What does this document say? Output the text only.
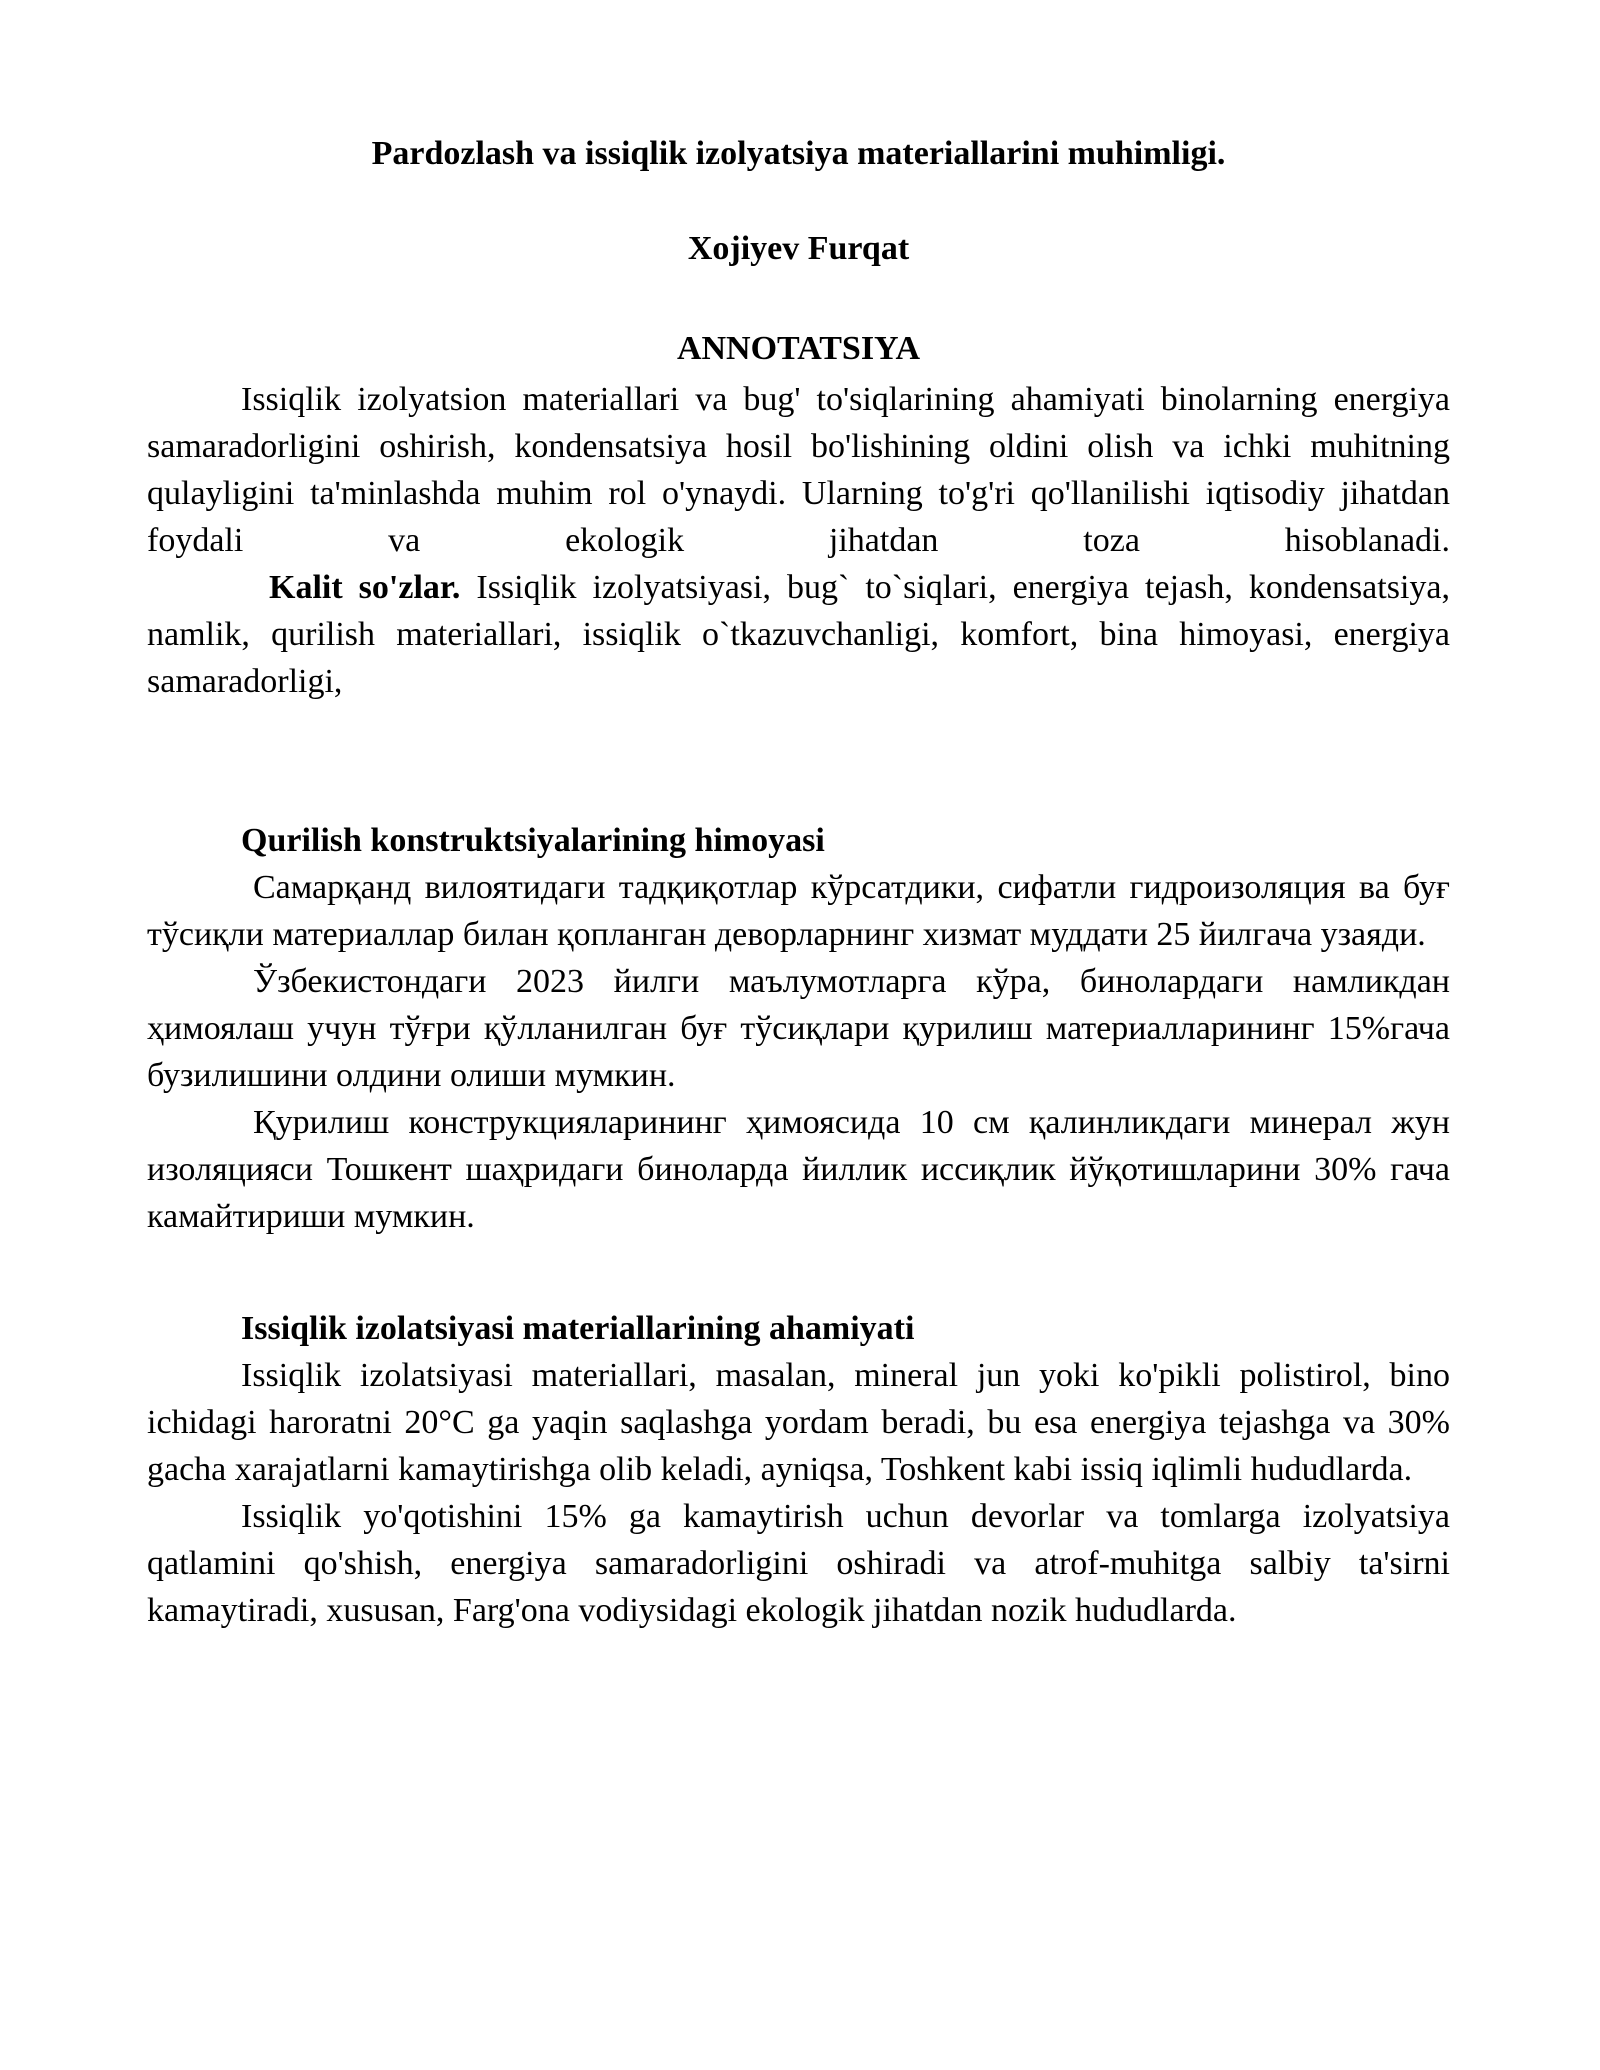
Pardozlash va issiqlik izolyatsiya materiallarini muhimligi.

Xojiyev Furqat

ANNOTATSIYA

Issiqlik izolyatsion materiallari va bug' to'siqlarining ahamiyati binolarning energiya samaradorligini oshirish, kondensatsiya hosil bo'lishining oldini olish va ichki muhitning qulayligini ta'minlashda muhim rol o'ynaydi. Ularning to'g'ri qo'llanilishi iqtisodiy jihatdan foydali va ekologik jihatdan toza hisoblanadi.

Kalit so'zlar. Issiqlik izolyatsiyasi, bug` to`siqlari, energiya tejash, kondensatsiya, namlik, qurilish materiallari, issiqlik o`tkazuvchanligi, komfort, bina himoyasi, energiya samaradorligi,

Qurilish konstruktsiyalarining himoyasi

Самарқанд вилоятидаги тадқиқотлар кўрсатдики, сифатли гидроизоляция ва буғ тўсиқли материаллар билан қопланган деворларнинг хизмат муддати 25 йилгача узаяди.

Ўзбекистондаги 2023 йилги маълумотларга кўра, бинолардаги намликдан ҳимоялаш учун тўғри қўлланилган буғ тўсиқлари қурилиш материалларининг 15%гача бузилишини олдини олиши мумкин.

Қурилиш конструкцияларининг ҳимоясида 10 см қалинликдаги минерал жун изоляцияси Тошкент шаҳридаги биноларда йиллик иссиқлик йўқотишларини 30% гача камайтириши мумкин.

Issiqlik izolatsiyasi materiallarining ahamiyati

Issiqlik izolatsiyasi materiallari, masalan, mineral jun yoki ko'pikli polistirol, bino ichidagi haroratni 20°C ga yaqin saqlashga yordam beradi, bu esa energiya tejashga va 30% gacha xarajatlarni kamaytirishga olib keladi, ayniqsa, Toshkent kabi issiq iqlimli hududlarda.

Issiqlik yo'qotishini 15% ga kamaytirish uchun devorlar va tomlarga izolyatsiya qatlamini qo'shish, energiya samaradorligini oshiradi va atrof-muhitga salbiy ta'sirni kamaytiradi, xususan, Farg'ona vodiysidagi ekologik jihatdan nozik hududlarda.
